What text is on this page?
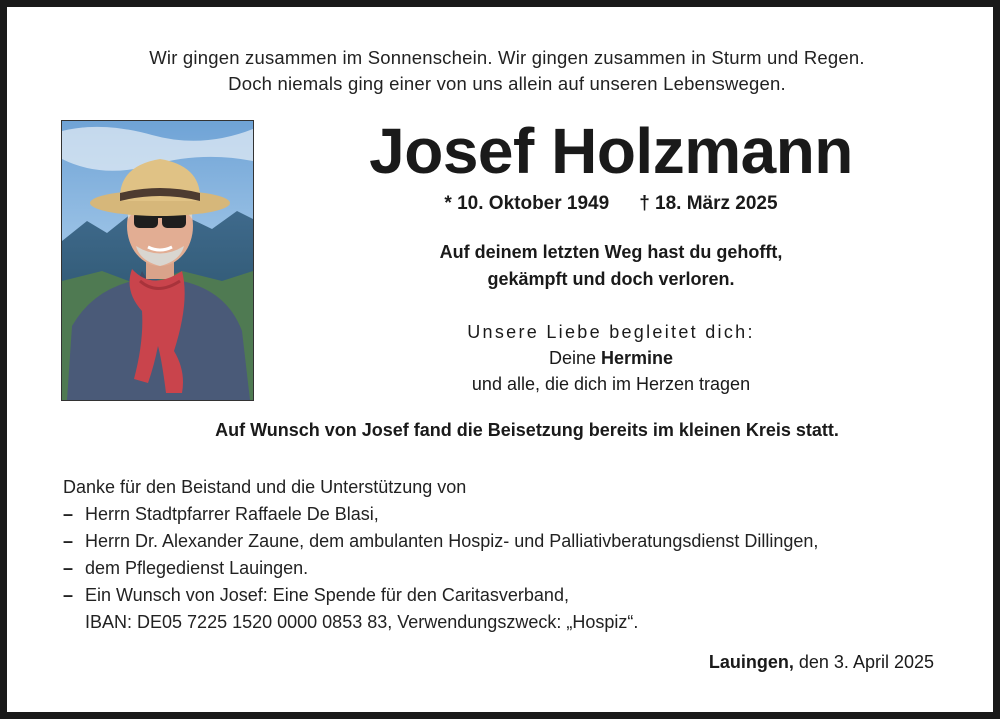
Wir gingen zusammen im Sonnenschein. Wir gingen zusammen in Sturm und Regen.
Doch niemals ging einer von uns allein auf unseren Lebenswegen.
Josef Holzmann
* 10. Oktober 1949 † 18. März 2025
Auf deinem letzten Weg hast du gehofft,
gekämpft und doch verloren.
Unsere Liebe begleitet dich:
Deine Hermine
und alle, die dich im Herzen tragen
Auf Wunsch von Josef fand die Beisetzung bereits im kleinen Kreis statt.
Danke für den Beistand und die Unterstützung von
– Herrn Stadtpfarrer Raffaele De Blasi,
– Herrn Dr. Alexander Zaune, dem ambulanten Hospiz- und Palliativberatungsdienst Dillingen,
– dem Pflegedienst Lauingen.
– Ein Wunsch von Josef: Eine Spende für den Caritasverband,
IBAN: DE05 7225 1520 0000 0853 83, Verwendungszweck: „Hospiz“.
Lauingen, den 3. April 2025
